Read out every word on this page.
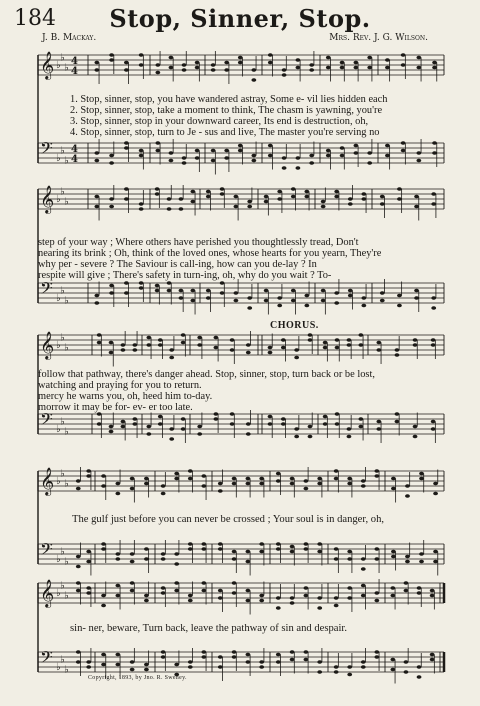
184	Stop, Sinner, Stop.
J. B. Mackay.	Mrs. Rev. J. G. Wilson.
𝄞 ♭
♭
♭
4
4
𝄢 ♭
♭
♭
4
4
𝄞 ♭
♭
♭
𝄢 ♭
♭
♭
𝄞 ♭
♭
♭
𝄢 ♭
♭
♭
𝄞 ♭
♭
♭
𝄢 ♭
♭
♭
𝄞 ♭
♭
♭
𝄢 ♭
♭
♭
1. Stop, sinner, stop, you have wandered astray, Some e- vil lies hidden each
2. Stop, sinner, stop, take a moment to think, The chasm is yawning, you're
3. Stop, sinner, stop in your downward career, Its end is destruction, oh,
4. Stop, sinner, stop, turn to Je - sus and live, The master you're serving no
step of your way ; Where others have perished you thoughtlessly tread, Don't
nearing its brink ; Oh, think of the loved ones, whose hearts for you yearn, They're
why per - severe ? The Saviour is call-ing, how can you de-lay ? In
respite will give ; There's safety in turn-ing, oh, why do you wait ? To-
CHORUS.
follow that pathway, there's danger ahead. Stop, sinner, stop, turn back or be lost,
watching and praying for you to return.
mercy he warns you, oh, heed him to-day.
morrow it may be for- ev- er too late.
The gulf just before you can never be crossed ; Your soul is in danger, oh,
sin- ner, beware, Turn back, leave the pathway of sin and despair.
Copyright, 1893, by Jno. R. Sweney.
